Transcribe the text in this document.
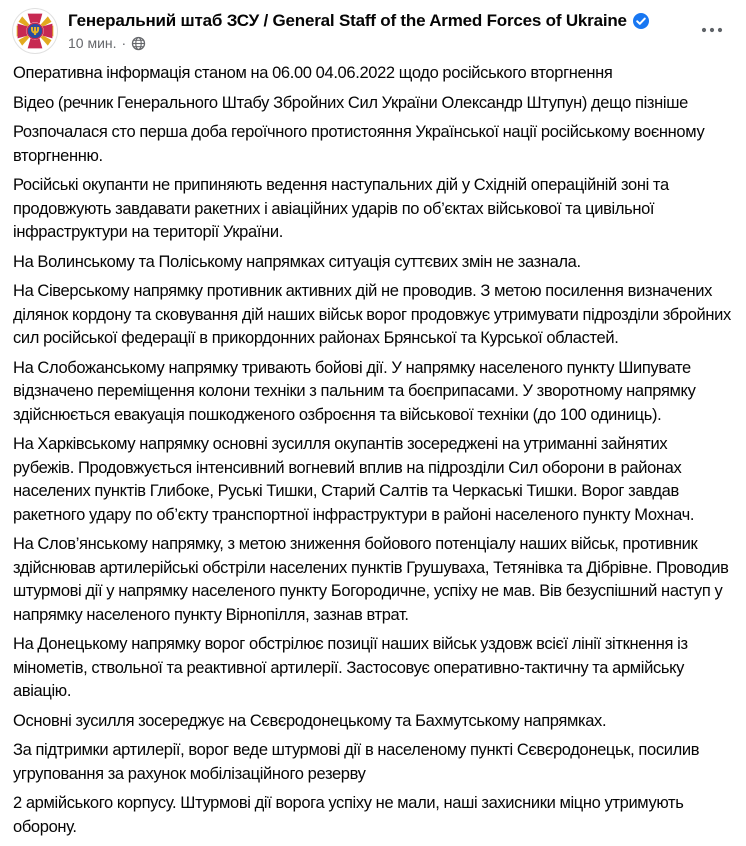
Ψ
Генеральний штаб ЗСУ / General Staff of the Armed Forces of Ukraine
10 мин. ·

Оперативна інформація станом на 06.00 04.06.2022 щодо російського вторгнення

Відео (речник Генерального Штабу Збройних Сил України Олександр Штупун) дещо пізніше

Розпочалася сто перша доба героїчного протистояння Української нації російському воєнному вторгненню.

Російські окупанти не припиняють ведення наступальних дій у Східній операційній зоні та продовжують завдавати ракетних і авіаційних ударів по об’єктах військової та цивільної інфраструктури на території України.

На Волинському та Поліському напрямках ситуація суттєвих змін не зазнала.

На Сіверському напрямку противник активних дій не проводив. З метою посилення визначених ділянок кордону та сковування дій наших військ ворог продовжує утримувати підрозділи збройних сил російської федерації в прикордонних районах Брянської та Курської областей.

На Слобожанському напрямку тривають бойові дії. У напрямку населеного пункту Шипувате відзначено переміщення колони техніки з пальним та боєприпасами. У зворотному напрямку здійснюється евакуація пошкодженого озброєння та військової техніки (до 100 одиниць).

На Харківському напрямку основні зусилля окупантів зосереджені на утриманні зайнятих рубежів. Продовжується інтенсивний вогневий вплив на підрозділи Сил оборони в районах населених пунктів Глибоке, Руські Тишки, Старий Салтів та Черкаські Тишки. Ворог завдав ракетного удару по об’єкту транспортної інфраструктури в районі населеного пункту Мохнач.

На Слов’янському напрямку, з метою зниження бойового потенціалу наших військ, противник здійснював артилерійські обстріли населених пунктів Грушуваха, Тетянівка та Дібрівне. Проводив штурмові дії у напрямку населеного пункту Богородичне, успіху не мав. Вів безуспішний наступ у напрямку населеного пункту Вірнопілля, зазнав втрат.

На Донецькому напрямку ворог обстрілює позиції наших військ уздовж всієї лінії зіткнення із мінометів, ствольної та реактивної артилерії. Застосовує оперативно-тактичну та армійську авіацію.

Основні зусилля зосереджує на Сєвєродонецькому та Бахмутському напрямках.

За підтримки артилерії, ворог веде штурмові дії в населеному пункті Сєвєродонецьк, посилив угруповання за рахунок мобілізаційного резерву

2 армійського корпусу. Штурмові дії ворога успіху не мали, наші захисники міцно утримують оборону.
